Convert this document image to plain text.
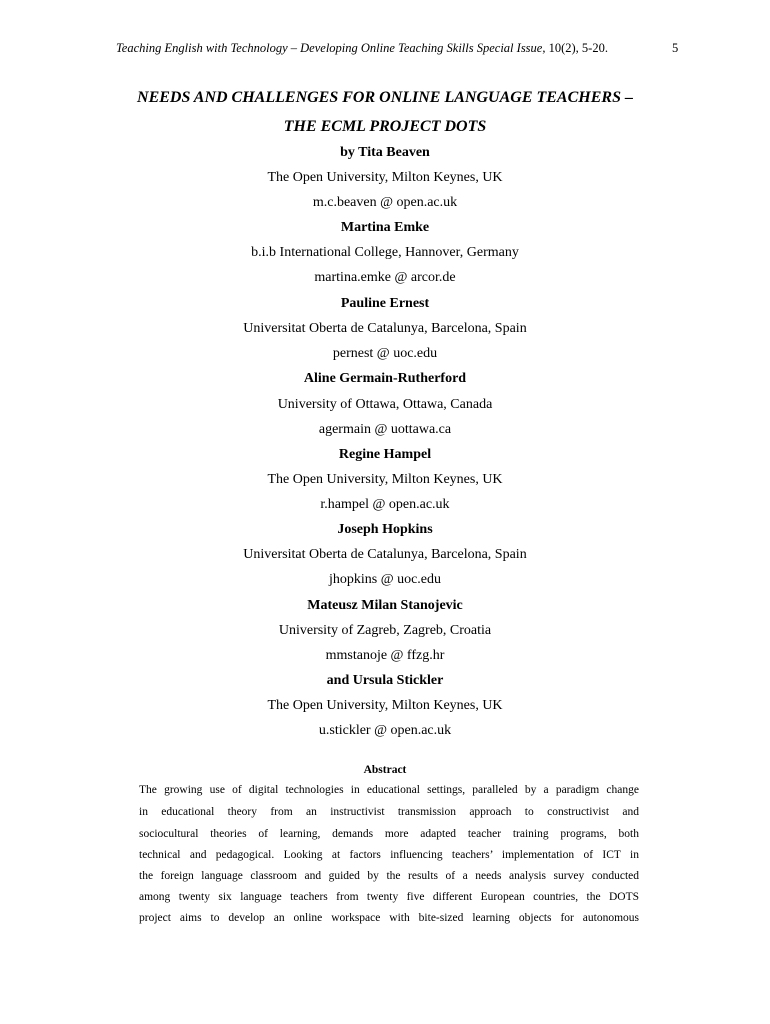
Teaching English with Technology – Developing Online Teaching Skills Special Issue, 10(2), 5-20.	5
NEEDS AND CHALLENGES FOR ONLINE LANGUAGE TEACHERS –
THE ECML PROJECT DOTS
by Tita Beaven
The Open University, Milton Keynes, UK
m.c.beaven @ open.ac.uk
Martina Emke
b.i.b International College, Hannover, Germany
martina.emke @ arcor.de
Pauline Ernest
Universitat Oberta de Catalunya, Barcelona, Spain
pernest @ uoc.edu
Aline Germain-Rutherford
University of Ottawa, Ottawa, Canada
agermain @ uottawa.ca
Regine Hampel
The Open University, Milton Keynes, UK
r.hampel @ open.ac.uk
Joseph Hopkins
Universitat Oberta de Catalunya, Barcelona, Spain
jhopkins @ uoc.edu
Mateusz Milan Stanojevic
University of Zagreb, Zagreb, Croatia
mmstanoje @ ffzg.hr
and Ursula Stickler
The Open University, Milton Keynes, UK
u.stickler @ open.ac.uk
Abstract
The growing use of digital technologies in educational settings, paralleled by a paradigm change
in educational theory from an instructivist transmission approach to constructivist and
sociocultural theories of learning, demands more adapted teacher training programs, both
technical and pedagogical. Looking at factors influencing teachers’ implementation of ICT in
the foreign language classroom and guided by the results of a needs analysis survey conducted
among twenty six language teachers from twenty five different European countries, the DOTS
project aims to develop an online workspace with bite-sized learning objects for autonomous
